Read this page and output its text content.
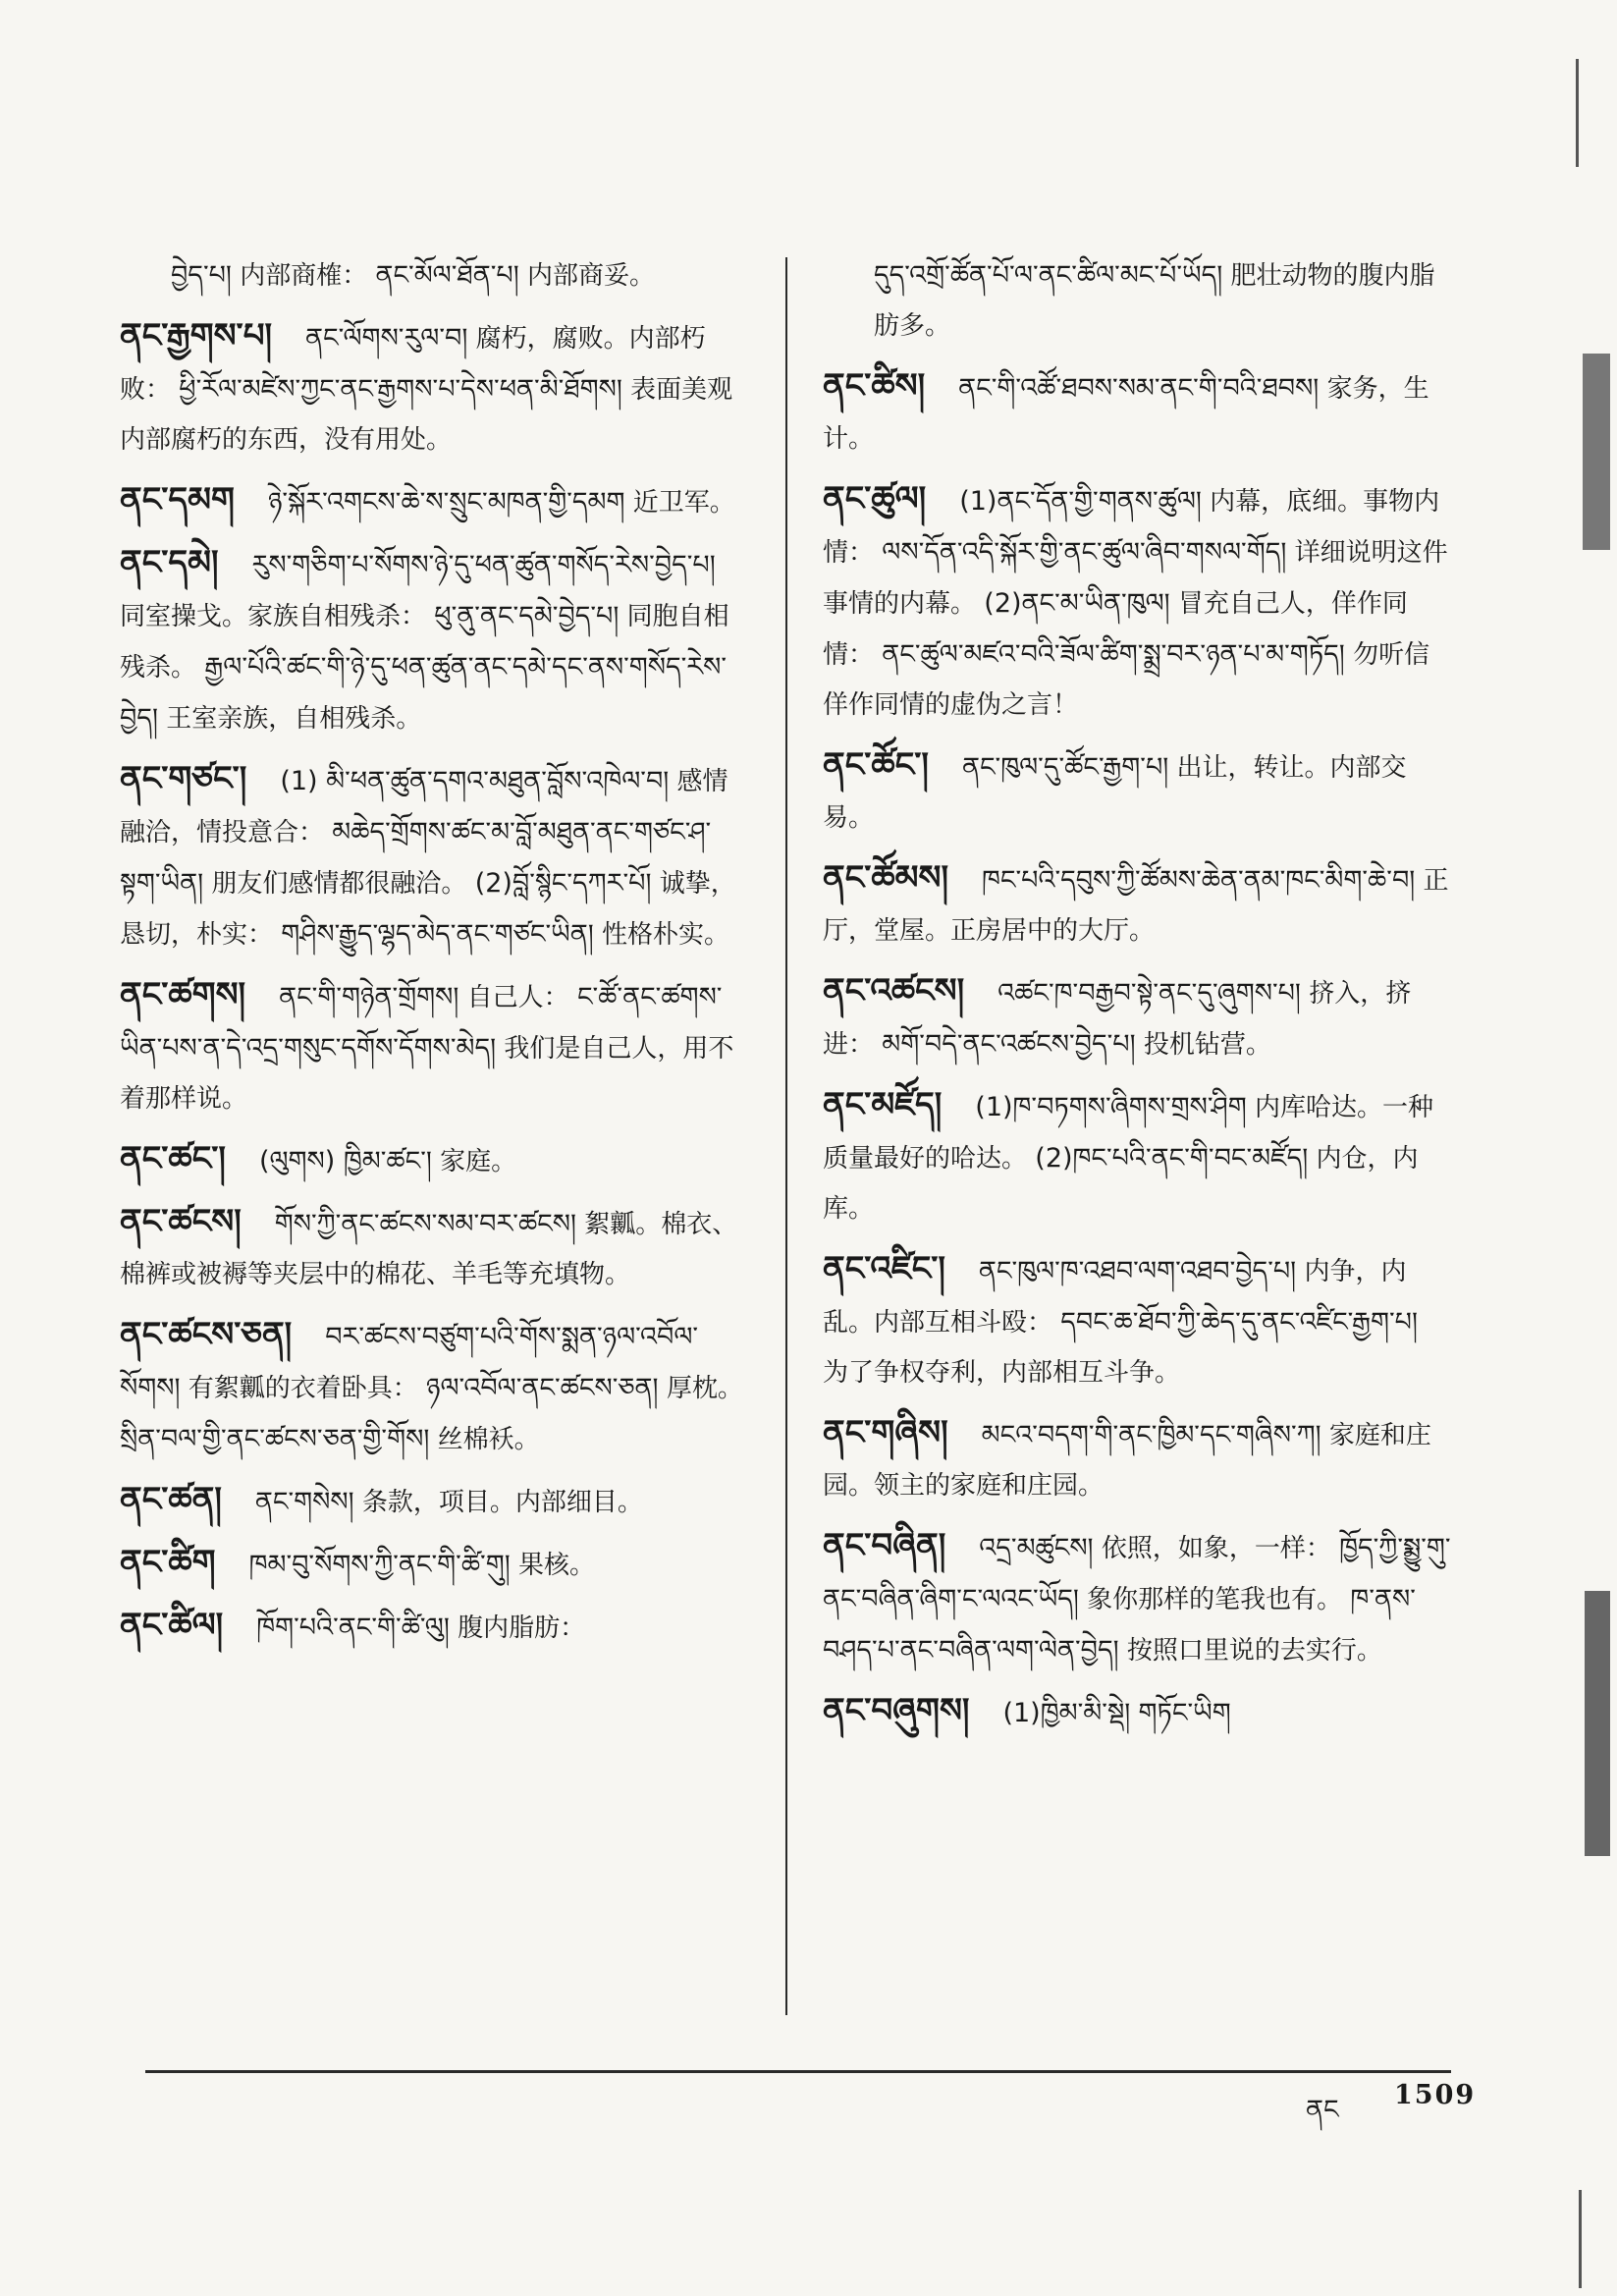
བྱེད་པ། 内部商榷： ནང་མོལ་ཐོན་པ། 内部商妥。
ནང་རྒྱགས་པ། ནང་ལོགས་རུལ་བ། 腐朽，腐败。内部朽败： ཕྱི་རོལ་མཛེས་ཀྱང་ནང་རྒྱགས་པ་དེས་ཕན་མི་ཐོགས། 表面美观内部腐朽的东西，没有用处。
ནང་དམག ཉེ་སྐོར་འགངས་ཆེ་ས་སྲུང་མཁན་གྱི་དམག 近卫军。
ནང་དམེ། རུས་གཅིག་པ་སོགས་ཉེ་དུ་ཕན་ཚུན་གསོད་རེས་བྱེད་པ། 同室操戈。家族自相残杀： ཕུ་ནུ་ནང་དམེ་བྱེད་པ། 同胞自相残杀。 རྒྱལ་པོའི་ཚང་གི་ཉེ་དུ་ཕན་ཚུན་ནང་དམེ་དང་ནས་གསོད་རེས་བྱེད། 王室亲族，自相残杀。
ནང་གཙང་། (1) མི་ཕན་ཚུན་དགའ་མཐུན་བློས་འཁེལ་བ། 感情融洽，情投意合： མཆེད་གྲོགས་ཚང་མ་བློ་མཐུན་ནང་གཙང་ཤ་སྟག་ཡིན། 朋友们感情都很融洽。 (2)བློ་སྙིང་དཀར་པོ། 诚挚，恳切，朴实： གཤིས་རྒྱུད་ལྷད་མེད་ནང་གཙང་ཡིན། 性格朴实。
ནང་ཚགས། ནང་གི་གཉེན་གྲོགས། 自己人： ང་ཚོ་ནང་ཚགས་ཡིན་པས་ན་དེ་འདྲ་གསུང་དགོས་དོགས་མེད། 我们是自己人，用不着那样说。
ནང་ཚང་། (ལུགས) ཁྱིམ་ཚང་། 家庭。
ནང་ཚངས། གོས་ཀྱི་ནང་ཚངས་སམ་བར་ཚངས། 絮瓤。棉衣、棉裤或被褥等夹层中的棉花、羊毛等充填物。
ནང་ཚངས་ཅན། བར་ཚངས་བཙུག་པའི་གོས་སྨན་ཉལ་འབོལ་སོགས། 有絮瓤的衣着卧具： ཉལ་འབོལ་ནང་ཚངས་ཅན། 厚枕。 སྲིན་བལ་གྱི་ནང་ཚངས་ཅན་གྱི་གོས། 丝棉袄。
ནང་ཚན། ནང་གསེས། 条款，项目。内部细目。
ནང་ཚིག ཁམ་བུ་སོགས་ཀྱི་ནང་གི་ཚི་གུ། 果核。
ནང་ཚིལ། ཁོག་པའི་ནང་གི་ཚི་ལུ། 腹内脂肪：
དུད་འགྲོ་ཚོན་པོ་ལ་ནང་ཚིལ་མང་པོ་ཡོད། 肥壮动物的腹内脂肪多。
ནང་ཚིས། ནང་གི་འཚོ་ཐབས་སམ་ནང་གི་བའི་ཐབས། 家务，生计。
ནང་ཚུལ། (1)ནང་དོན་གྱི་གནས་ཚུལ། 内幕，底细。事物内情： ལས་དོན་འདི་སྐོར་གྱི་ནང་ཚུལ་ཞིབ་གསལ་གོད། 详细说明这件事情的内幕。 (2)ནང་མ་ཡིན་ཁུལ། 冒充自己人，佯作同情： ནང་ཚུལ་མཛའ་བའི་ཟོལ་ཚིག་སྨྲ་བར་ཉན་པ་མ་གཏོད། 勿听信佯作同情的虚伪之言！
ནང་ཚོང་། ནང་ཁུལ་དུ་ཚོང་རྒྱག་པ། 出让，转让。内部交易。
ནང་ཚོམས། ཁང་པའི་དབུས་ཀྱི་ཚོམས་ཆེན་ནམ་ཁང་མིག་ཆེ་བ། 正厅，堂屋。正房居中的大厅。
ནང་འཚངས། འཚང་ཁ་བརྒྱབ་སྟེ་ནང་དུ་ཞུགས་པ། 挤入，挤进： མགོ་བདེ་ནང་འཚངས་བྱེད་པ། 投机钻营。
ནང་མཛོད། (1)ཁ་བཏགས་ཞིགས་གྲས་ཤིག 内库哈达。一种质量最好的哈达。 (2)ཁང་པའི་ནང་གི་བང་མཛོད། 内仓，内库。
ནང་འཛིང་། ནང་ཁུལ་ཁ་འཐབ་ལག་འཐབ་བྱེད་པ། 内争，内乱。内部互相斗殴： དབང་ཆ་ཐོབ་ཀྱི་ཆེད་དུ་ནང་འཛིང་རྒྱག་པ། 为了争权夺利，内部相互斗争。
ནང་གཞིས། མངའ་བདག་གི་ནང་ཁྱིམ་དང་གཞིས་ཀ། 家庭和庄园。领主的家庭和庄园。
ནང་བཞིན། འདྲ་མཚུངས། 依照，如象，一样： ཁྱོད་ཀྱི་སྨྱུ་གུ་ནང་བཞིན་ཞིག་ང་ལའང་ཡོད། 象你那样的笔我也有。 ཁ་ནས་བཤད་པ་ནང་བཞིན་ལག་ལེན་བྱེད། 按照口里说的去实行。
ནང་བཞུགས། (1)ཁྱིམ་མི་སྡེ། གཏོང་ཡིག
ནང 1509
